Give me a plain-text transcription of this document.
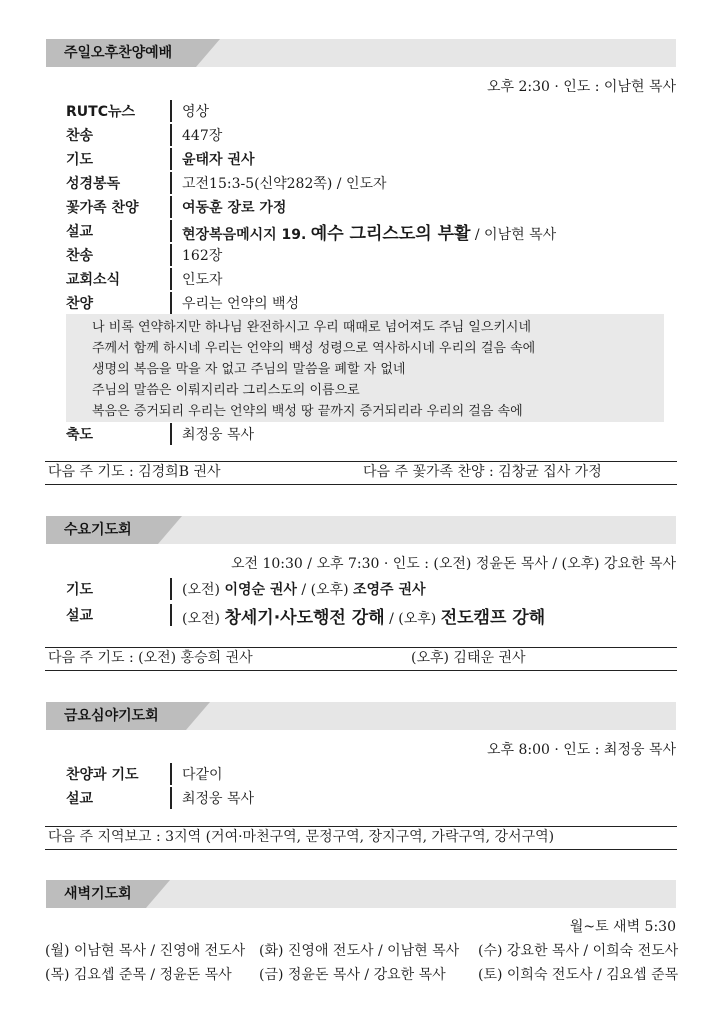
주일오후찬양예배
오후 2:30 · 인도 : 이남현 목사
RUTC뉴스	영상
찬송	447장
기도	윤태자 권사
성경봉독	고전15:3-5(신약282쪽) / 인도자
꽃가족 찬양	여동훈 장로 가정
설교	현장복음메시지 19. 예수 그리스도의 부활 / 이남현 목사
찬송	162장
교회소식	인도자
찬양	우리는 언약의 백성
나 비록 연약하지만 하나님 완전하시고 우리 때때로 넘어져도 주님 일으키시네
주께서 함께 하시네 우리는 언약의 백성 성령으로 역사하시네 우리의 걸음 속에
생명의 복음을 막을 자 없고 주님의 말씀을 폐할 자 없네
주님의 말씀은 이뤄지리라 그리스도의 이름으로
복음은 증거되리 우리는 언약의 백성 땅 끝까지 증거되리라 우리의 걸음 속에
축도	최정웅 목사
다음 주 기도 : 김경희B 권사	다음 주 꽃가족 찬양 : 김창균 집사 가정
수요기도회
오전 10:30 / 오후 7:30 · 인도 : (오전) 정윤돈 목사 / (오후) 강요한 목사
기도	(오전) 이영순 권사 / (오후) 조영주 권사
설교	(오전) 창세기·사도행전 강해 / (오후) 전도캠프 강해
다음 주 기도 : (오전) 홍승희 권사	(오후) 김태운 권사
금요심야기도회
오후 8:00 · 인도 : 최정웅 목사
찬양과 기도	다같이
설교	최정웅 목사
다음 주 지역보고 : 3지역 (거여·마천구역, 문정구역, 장지구역, 가락구역, 강서구역)
새벽기도회
월~토 새벽 5:30
(월) 이남현 목사 / 진영애 전도사 (화) 진영애 전도사 / 이남현 목사 (수) 강요한 목사 / 이희숙 전도사
(목) 김요셉 준목 / 정윤돈 목사 (금) 정윤돈 목사 / 강요한 목사 (토) 이희숙 전도사 / 김요셉 준목
